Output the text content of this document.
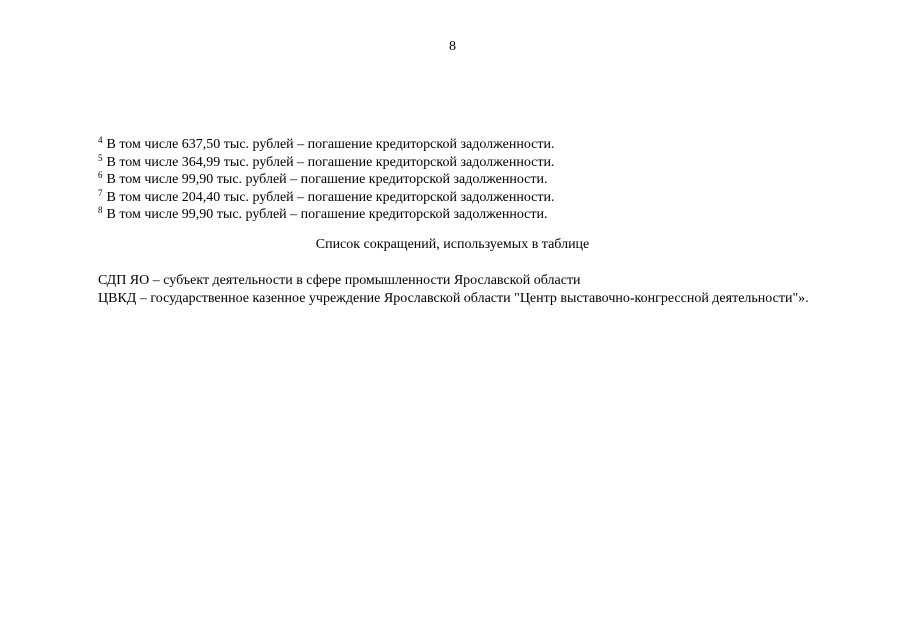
8
$^4$ В том числе 637,50 тыс. рублей – погашение кредиторской задолженности.
$^5$ В том числе 364,99 тыс. рублей – погашение кредиторской задолженности.
$^6$ В том числе 99,90 тыс. рублей – погашение кредиторской задолженности.
$^7$ В том числе 204,40 тыс. рублей – погашение кредиторской задолженности.
$^8$ В том числе 99,90 тыс. рублей – погашение кредиторской задолженности.
Список сокращений, используемых в таблице
СДП ЯО – субъект деятельности в сфере промышленности Ярославской области
ЦВКД – государственное казенное учреждение Ярославской области "Центр выставочно-конгрессной деятельности"».
